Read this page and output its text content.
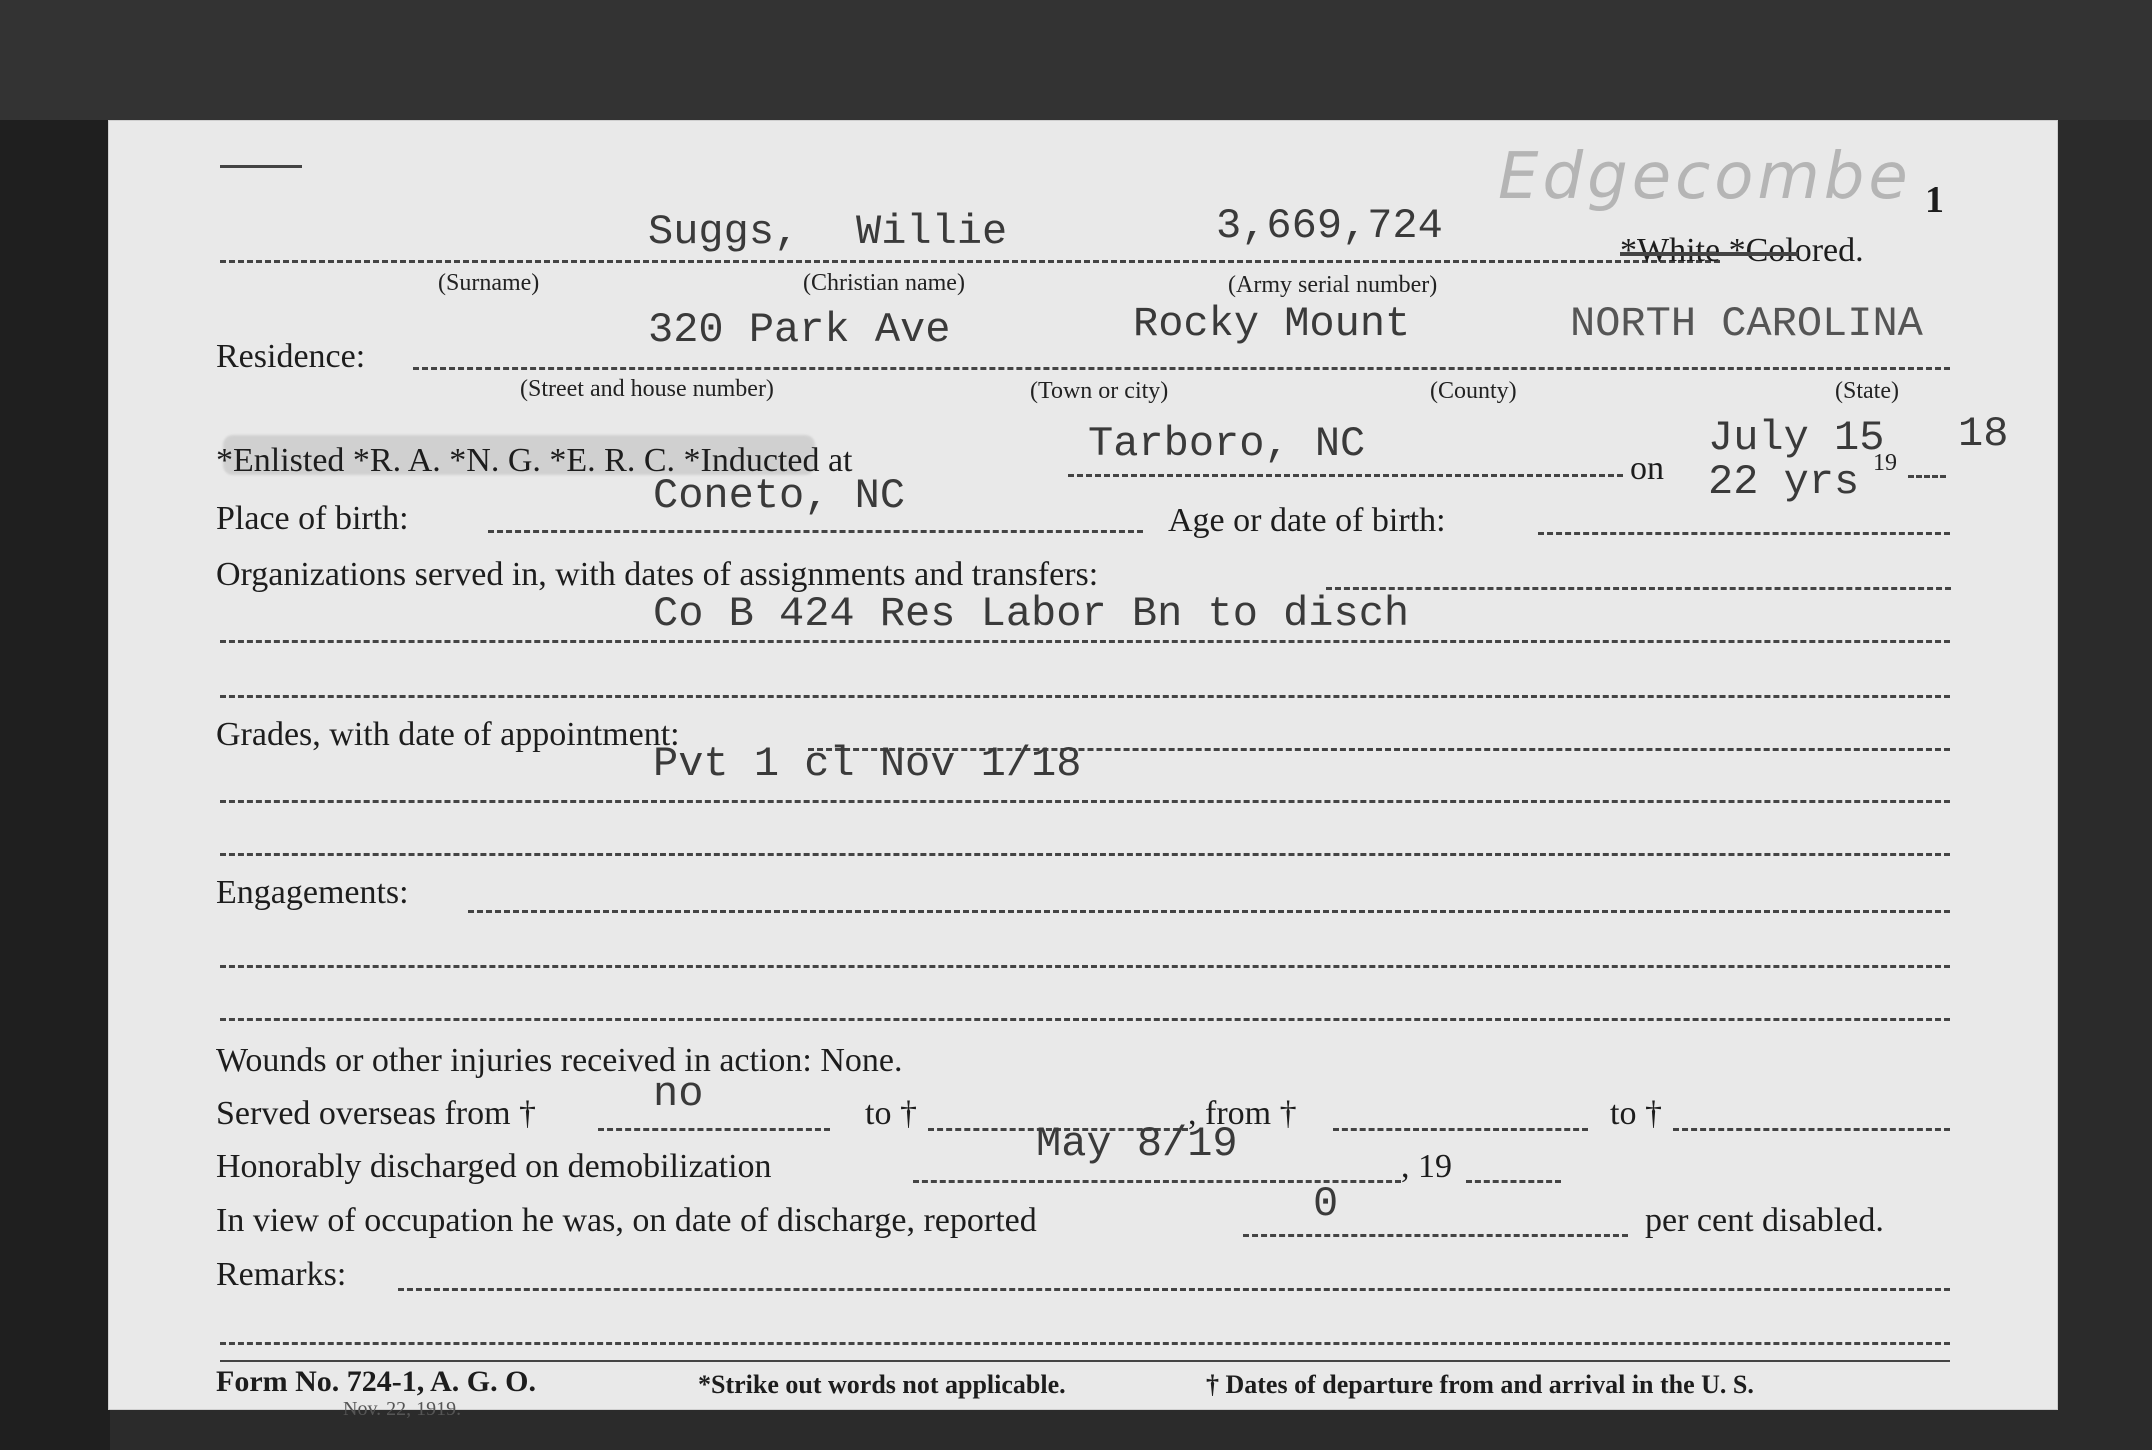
Edgecombe 1
Suggs, Willie	3,669,724
*White *Colored.
(Surname)	(Christian name)	(Army serial number)
Residence:
320 Park Ave	Rocky Mount	NORTH CAROLINA
(Street and house number)	(Town or city)	(County)	(State)
*Enlisted *R. A. *N. G. *E. R. C. *Inducted at	Tarboro, NC
on
July 15
19
18
Place of birth:	Coneto, NC
Age or date of birth:
22 yrs
Organizations served in, with dates of assignments and transfers:
Co B 424 Res Labor Bn to disch
Grades, with date of appointment:
Pvt 1 cl Nov 1/18
Engagements:
Wounds or other injuries received in action: None.
Served overseas from †	no	to †	, from †	to †
Honorably discharged on demobilization	May 8/19	, 19
In view of occupation he was, on date of discharge, reported	0	per cent disabled.
Remarks:
Form No. 724-1, A. G. O.
Nov. 22, 1919.
*Strike out words not applicable.	† Dates of departure from and arrival in the U. S.
